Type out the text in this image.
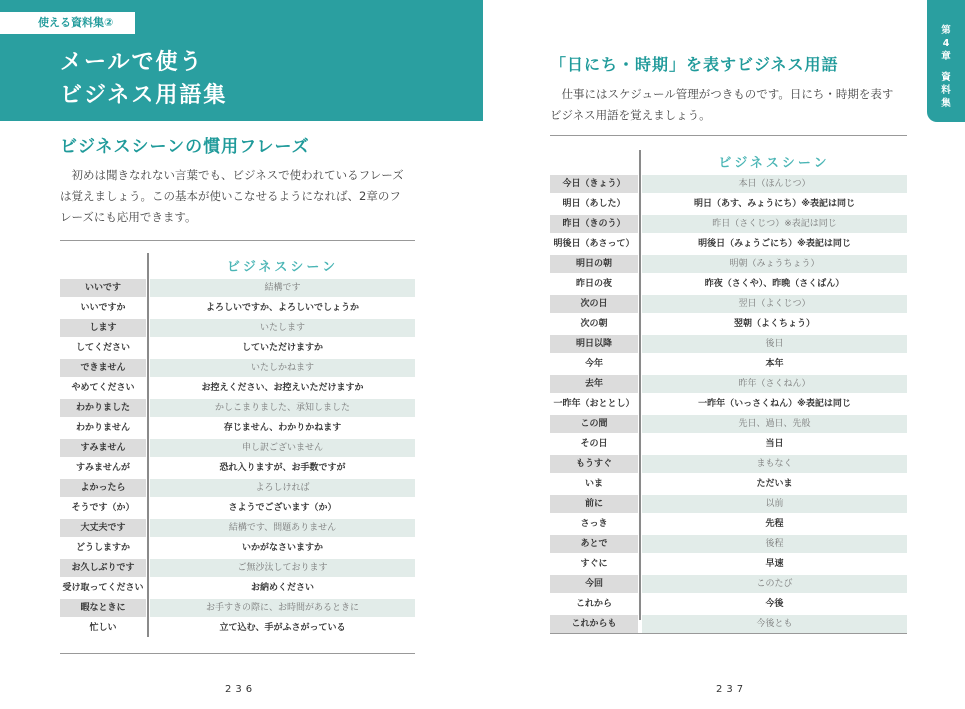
使える資料集②
メールで使う
ビジネス用語集
ビジネスシーンの慣用フレーズ
　初めは聞きなれない言葉でも、ビジネスで使われているフレーズ
は覚えましょう。この基本が使いこなせるようになれば、2章のフ
レーズにも応用できます。
ビジネスシーン
いいです	結構です
いいですか	よろしいですか、よろしいでしょうか
します	いたします
してください	していただけますか
できません	いたしかねます
やめてください	お控えください、お控えいただけますか
わかりました	かしこまりました、承知しました
わかりません	存じません、わかりかねます
すみません	申し訳ございません
すみませんが	恐れ入りますが、お手数ですが
よかったら	よろしければ
そうです（か）	さようでございます（か）
大丈夫です	結構です、問題ありません
どうしますか	いかがなさいますか
お久しぶりです	ご無沙汰しております
受け取ってください	お納めください
暇なときに	お手すきの際に、お時間があるときに
忙しい	立て込む、手がふさがっている
236
第
4
章
資
料
集
「日にち・時期」を表すビジネス用語
　仕事にはスケジュール管理がつきものです。日にち・時期を表す
ビジネス用語を覚えましょう。
ビジネスシーン
今日（きょう）	本日（ほんじつ）
明日（あした）	明日（あす、みょうにち）※表記は同じ
昨日（きのう）	昨日（さくじつ）※表記は同じ
明後日（あさって）	明後日（みょうごにち）※表記は同じ
明日の朝	明朝（みょうちょう）
昨日の夜	昨夜（さくや）、昨晩（さくばん）
次の日	翌日（よくじつ）
次の朝	翌朝（よくちょう）
明日以降	後日
今年	本年
去年	昨年（さくねん）
一昨年（おととし）	一昨年（いっさくねん）※表記は同じ
この間	先日、過日、先般
その日	当日
もうすぐ	まもなく
いま	ただいま
前に	以前
さっき	先程
あとで	後程
すぐに	早速
今回	このたび
これから	今後
これからも	今後とも
237
